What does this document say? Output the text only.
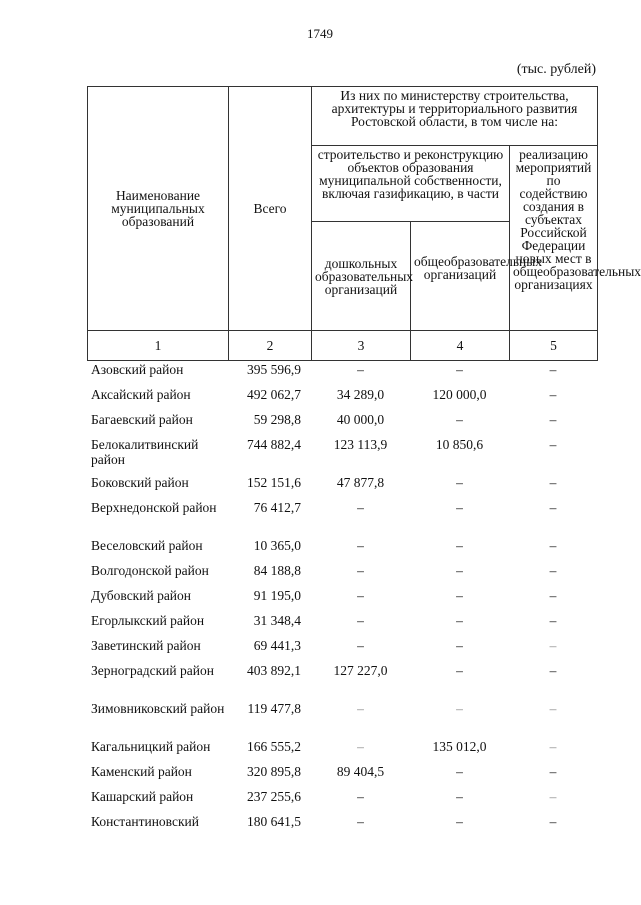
1749
(тыс. рублей)
Наименование муниципальных образований	Всего	Из них по министерству строительства, архитектуры и территориального развития Ростовской области, в том числе на:		
		строительство и реконструкцию объектов образования муниципальной собственности, включая газификацию, в части		реализацию мероприятий по содействию создания в субъектах Российской Федерации новых мест в общеобразовательных организациях
		дошкольных образовательных организаций	общеобразовательных организаций	
1	2	3	4	5
Азовский район	395 596,9	–	–	–
Аксайский район	492 062,7	34 289,0	120 000,0	–
Багаевский район	59 298,8	40 000,0	–	–
Белокалитвинский район	744 882,4	123 113,9	10 850,6	–
Боковский район	152 151,6	47 877,8	–	–
Верхнедонской район	76 412,7	–	–	–
Веселовский район	10 365,0	–	–	–
Волгодонской район	84 188,8	–	–	–
Дубовский район	91 195,0	–	–	–
Егорлыкский район	31 348,4	–	–	–
Заветинский район	69 441,3	–	–	–
Зерноградский район	403 892,1	127 227,0	–	–
Зимовниковский район	119 477,8	–	–	–
Кагальницкий район	166 555,2	–	135 012,0	–
Каменский район	320 895,8	89 404,5	–	–
Кашарский район	237 255,6	–	–	–
Константиновский	180 641,5	–	–	–
